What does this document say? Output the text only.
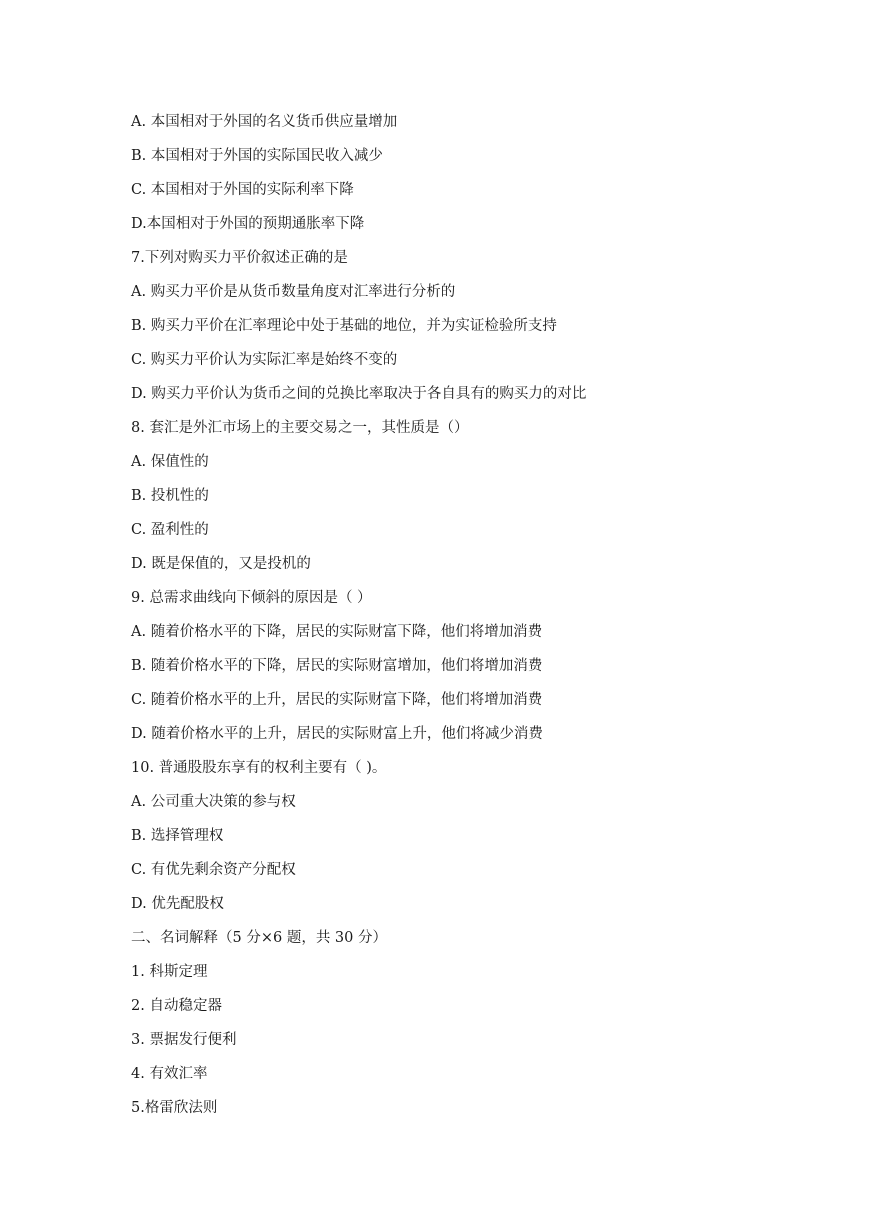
A. 本国相对于外国的名义货币供应量增加
B. 本国相对于外国的实际国民收入减少
C. 本国相对于外国的实际利率下降
D.本国相对于外国的预期通胀率下降
7.下列对购买力平价叙述正确的是
A. 购买力平价是从货币数量角度对汇率进行分析的
B. 购买力平价在汇率理论中处于基础的地位，并为实证检验所支持
C. 购买力平价认为实际汇率是始终不变的
D. 购买力平价认为货币之间的兑换比率取决于各自具有的购买力的对比
8. 套汇是外汇市场上的主要交易之一，其性质是（）
A. 保值性的
B. 投机性的
C. 盈利性的
D. 既是保值的，又是投机的
9. 总需求曲线向下倾斜的原因是（ ）
A. 随着价格水平的下降，居民的实际财富下降，他们将增加消费
B. 随着价格水平的下降，居民的实际财富增加，他们将增加消费
C. 随着价格水平的上升，居民的实际财富下降，他们将增加消费
D. 随着价格水平的上升，居民的实际财富上升，他们将减少消费
10. 普通股股东享有的权利主要有（ )。
A. 公司重大决策的参与权
B. 选择管理权
C. 有优先剩余资产分配权
D. 优先配股权
二、名词解释（5 分×6 题，共 30 分）
1. 科斯定理
2. 自动稳定器
3. 票据发行便利
4. 有效汇率
5.格雷欣法则
